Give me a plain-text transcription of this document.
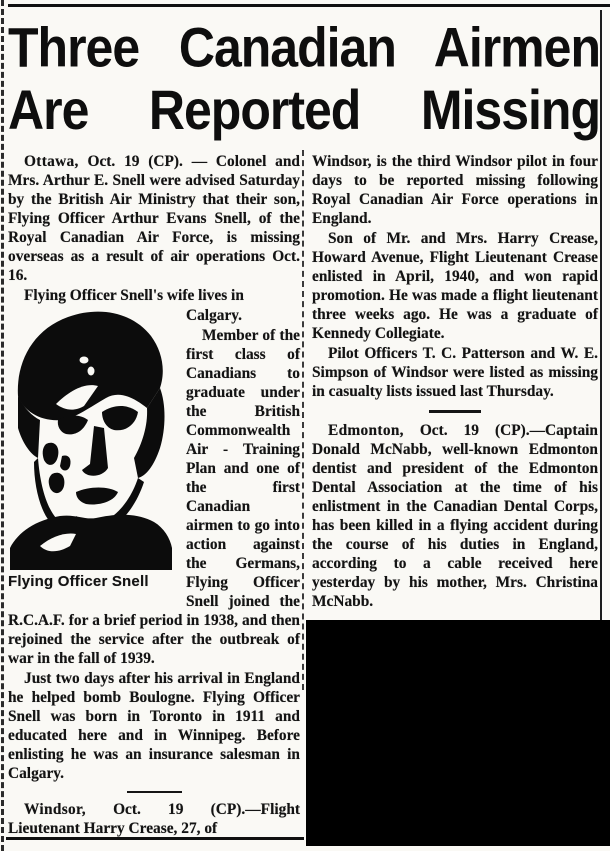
Three Canadian Airmen
Are Reported Missing

Ottawa, Oct. 19 (CP). — Colonel and Mrs. Arthur E. Snell were advised Saturday by the British Air Ministry that their son, Flying Officer Arthur Evans Snell, of the Royal Canadian Air Force, is missing overseas as a result of air operations Oct. 16.

Flying Officer Snell's wife lives in

Flying Officer Snell

Calgary.

Member of the first class of Canadians to graduate under the British Commonwealth Air - Training Plan and one of the first Canadian airmen to go into action against the Germans, Flying Officer Snell joined the R.C.A.F. for a brief period in 1938, and then rejoined the service after the outbreak of war in the fall of 1939.

Just two days after his arrival in England he helped bomb Boulogne. Flying Officer Snell was born in Toronto in 1911 and educated here and in Winnipeg. Before enlisting he was an insurance salesman in Calgary.

Windsor, Oct. 19 (CP).—Flight Lieutenant Harry Crease, 27, of

Windsor, is the third Windsor pilot in four days to be reported missing following Royal Canadian Air Force operations in England.

Son of Mr. and Mrs. Harry Crease, Howard Avenue, Flight Lieutenant Crease enlisted in April, 1940, and won rapid promotion. He was made a flight lieutenant three weeks ago. He was a graduate of Kennedy Collegiate.

Pilot Officers T. C. Patterson and W. E. Simpson of Windsor were listed as missing in casualty lists issued last Thursday.

Edmonton, Oct. 19 (CP).—Captain Donald McNabb, well-known Edmonton dentist and president of the Edmonton Dental Association at the time of his enlistment in the Canadian Dental Corps, has been killed in a flying accident during the course of his duties in England, according to a cable received here yesterday by his mother, Mrs. Christina McNabb.
